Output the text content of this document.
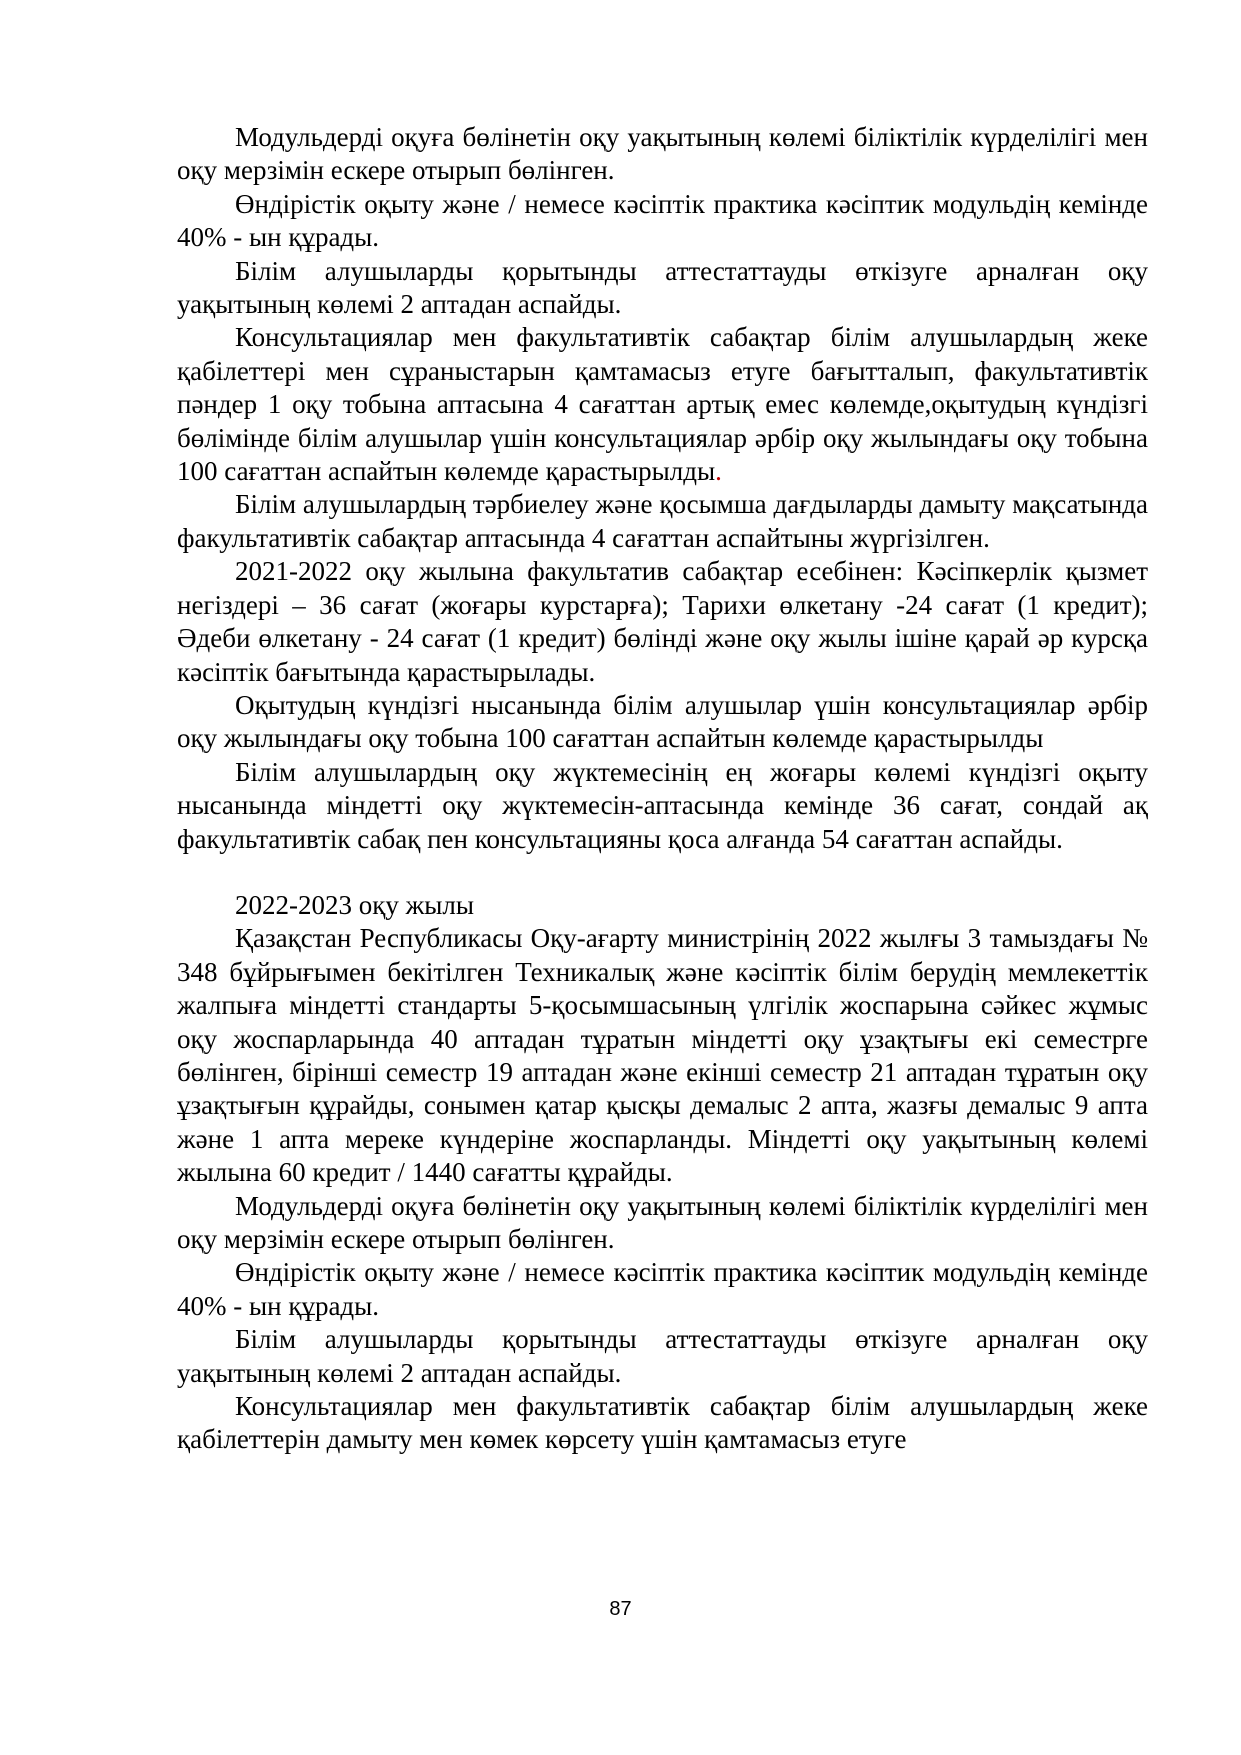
Модульдерді оқуға бөлінетін оқу уақытының көлемі біліктілік күрделілігі мен оқу мерзімін ескере отырып бөлінген.

Өндірістік оқыту және / немесе кәсіптік практика кәсіптик модульдің кемінде 40% - ын құрады.

Білім алушыларды қорытынды аттестаттауды өткізуге арналған оқу уақытының көлемі 2 аптадан аспайды.

Консультациялар мен факультативтік сабақтар білім алушылардың жеке қабілеттері мен сұраныстарын қамтамасыз етуге бағытталып, факультативтік пәндер 1 оқу тобына аптасына 4 сағаттан артық емес көлемде,оқытудың күндізгі бөлімінде білім алушылар үшін консультациялар әрбір оқу жылындағы оқу тобына 100 сағаттан аспайтын көлемде қарастырылды.

Білім алушылардың тәрбиелеу және қосымша дағдыларды дамыту мақсатында факультативтік сабақтар аптасында 4 сағаттан аспайтыны жүргізілген.

2021-2022 оқу жылына факультатив сабақтар есебінен: Кәсіпкерлік қызмет негіздері – 36 сағат (жоғары курстарға); Тарихи өлкетану -24 сағат (1 кредит); Әдеби өлкетану - 24 сағат (1 кредит) бөлінді және оқу жылы ішіне қарай әр курсқа кәсіптік бағытында қарастырылады.

Оқытудың күндізгі нысанында білім алушылар үшін консультациялар әрбір оқу жылындағы оқу тобына 100 сағаттан аспайтын көлемде қарастырылды

Білім алушылардың оқу жүктемесінің ең жоғары көлемі күндізгі оқыту нысанында міндетті оқу жүктемесін-аптасында кемінде 36 сағат, сондай ақ факультативтік сабақ пен консультацияны қоса алғанда 54 сағаттан аспайды.

2022-2023 оқу жылы

Қазақстан Республикасы Оқу-ағарту министрінің 2022 жылғы 3 тамыздағы № 348 бұйрығымен бекітілген Техникалық және кәсіптік білім берудің мемлекеттік жалпыға міндетті стандарты 5-қосымшасының үлгілік жоспарына сәйкес жұмыс оқу жоспарларында 40 аптадан тұратын міндетті оқу ұзақтығы екі семестрге бөлінген, бірінші семестр 19 аптадан және екінші семестр 21 аптадан тұратын оқу ұзақтығын құрайды, сонымен қатар қысқы демалыс 2 апта, жазғы демалыс 9 апта және 1 апта мереке күндеріне жоспарланды. Міндетті оқу уақытының көлемі жылына 60 кредит / 1440 сағатты құрайды.

Модульдерді оқуға бөлінетін оқу уақытының көлемі біліктілік күрделілігі мен оқу мерзімін ескере отырып бөлінген.

Өндірістік оқыту және / немесе кәсіптік практика кәсіптик модульдің кемінде 40% - ын құрады.

Білім алушыларды қорытынды аттестаттауды өткізуге арналған оқу уақытының көлемі 2 аптадан аспайды.

Консультациялар мен факультативтік сабақтар білім алушылардың жеке қабілеттерін дамыту мен көмек көрсету үшін қамтамасыз етуге

87
